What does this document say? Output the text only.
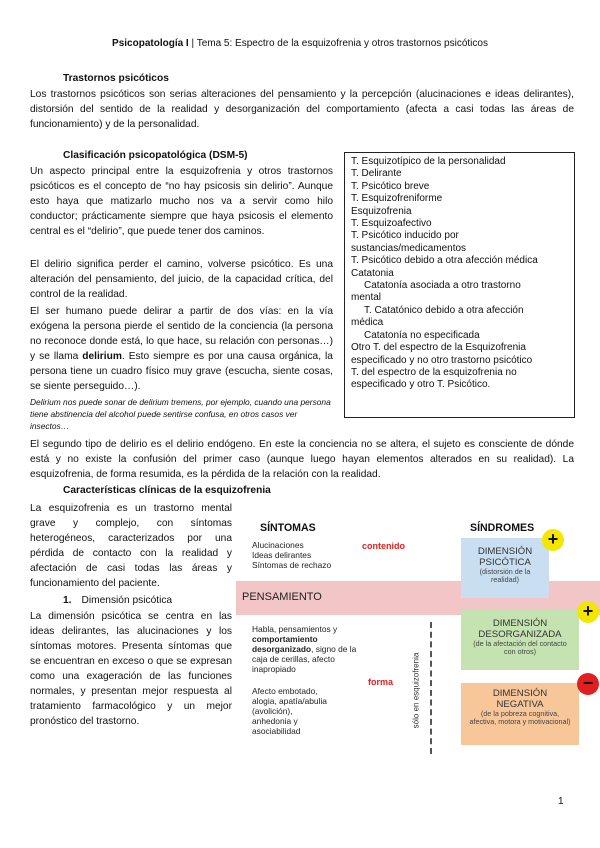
Psicopatología I | Tema 5: Espectro de la esquizofrenia y otros trastornos psicóticos
Trastornos psicóticos
Los trastornos psicóticos son serias alteraciones del pensamiento y la percepción (alucinaciones e ideas delirantes), distorsión del sentido de la realidad y desorganización del comportamiento (afecta a casi todas las áreas de funcionamiento) y de la personalidad.
Clasificación psicopatológica (DSM-5)
Un aspecto principal entre la esquizofrenia y otros trastornos psicóticos es el concepto de “no hay psicosis sin delirio”. Aunque esto haya que matizarlo mucho nos va a servir como hilo conductor; prácticamente siempre que haya psicosis el elemento central es el “delirio”, que puede tener dos caminos.
El delirio significa perder el camino, volverse psicótico. Es una alteración del pensamiento, del juicio, de la capacidad crítica, del control de la realidad.
El ser humano puede delirar a partir de dos vías: en la vía exógena la persona pierde el sentido de la conciencia (la persona no reconoce donde está, lo que hace, su relación con personas…) y se llama delirium. Esto siempre es por una causa orgánica, la persona tiene un cuadro físico muy grave (escucha, siente cosas, se siente perseguido…).
Delirium nos puede sonar de delirium tremens, por ejemplo, cuando una persona tiene abstinencia del alcohol puede sentirse confusa, en otros casos ver insectos…
T. Esquizotípico de la personalidad
T. Delirante
T. Psicótico breve
T. Esquizofreniforme
Esquizofrenia
T. Esquizoafectivo
T. Psicótico inducido por
sustancias/medicamentos
T. Psicótico debido a otra afección médica
Catatonia
Catatonía asociada a otro trastorno
mental
T. Catatónico debido a otra afección
médica
Catatonía no especificada
Otro T. del espectro de la Esquizofrenia
especificado y no otro trastorno psicótico
T. del espectro de la esquizofrenia no
especificado y otro T. Psicótico.
El segundo tipo de delirio es el delirio endógeno. En este la conciencia no se altera, el sujeto es consciente de dónde está y no existe la confusión del primer caso (aunque luego hayan elementos alterados en su realidad). La esquizofrenia, de forma resumida, es la pérdida de la relación con la realidad.
Características clínicas de la esquizofrenia
La esquizofrenia es un trastorno mental grave y complejo, con síntomas heterogéneos, caracterizados por una pérdida de contacto con la realidad y afectación de casi todas las áreas y funcionamiento del paciente.
1. Dimensión psicótica
La dimensión psicótica se centra en las ideas delirantes, las alucinaciones y los síntomas motores. Presenta síntomas que se encuentran en exceso o que se expresan como una exageración de las funciones normales, y presentan mejor respuesta al tratamiento farmacológico y un mejor pronóstico del trastorno.
PENSAMIENTO
SÍNTOMAS	SÍNDROMES
Alucinaciones
Ideas delirantes
Síntomas de rechazo
contenido
Habla, pensamientos y comportamiento desorganizado, signo de la caja de cerillas, afecto inapropiado
Afecto embotado,
alogia, apatía/abulia
(avolición),
anhedonia y
asociabilidad
forma sólo en esquizofrenia
DIMENSIÓN
PSICÓTICA
(distorsión de la realidad)
+
DIMENSIÓN
DESORGANIZADA
(de la afectación del contacto con otros)
+
DIMENSIÓN
NEGATIVA
(de la pobreza cognitiva, afectiva, motora y motivacional)
−
1
